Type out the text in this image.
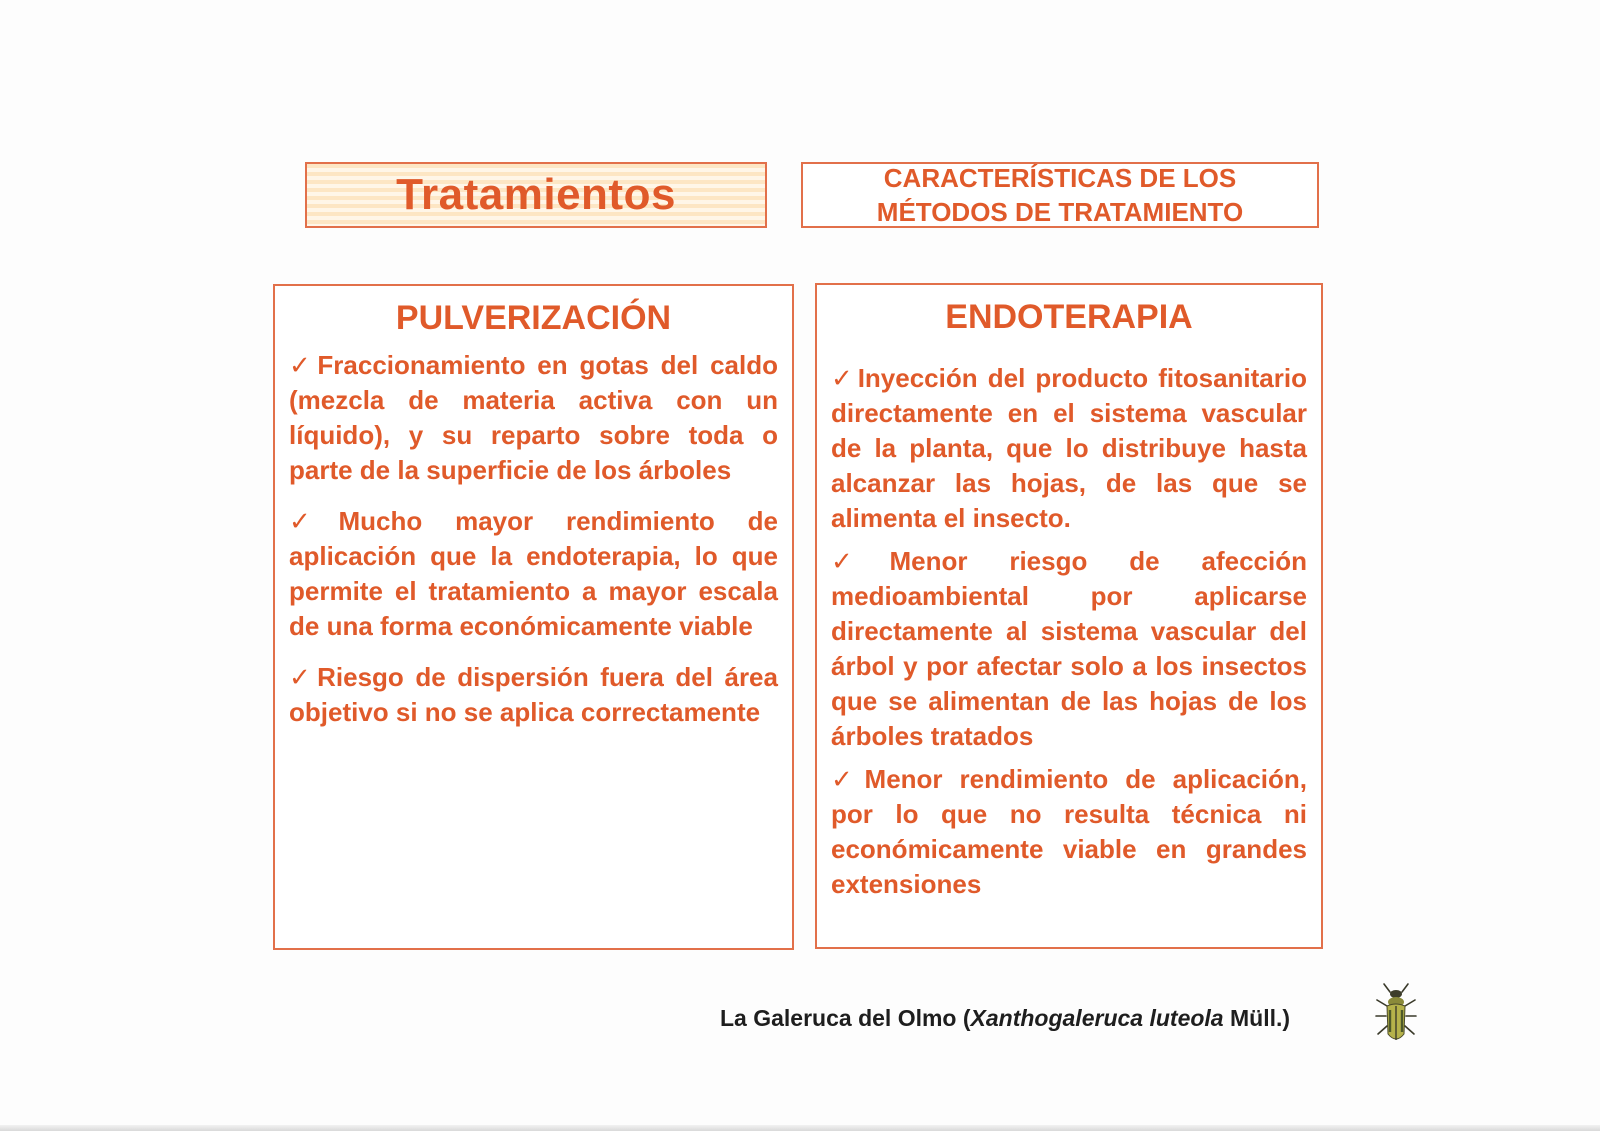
Tratamientos	CARACTERÍSTICAS DE LOS
MÉTODOS DE TRATAMIENTO
PULVERIZACIÓN

✓Fraccionamiento en gotas del caldo (mezcla de materia activa con un líquido), y su reparto sobre toda o parte de la superficie de los árboles

✓Mucho mayor rendimiento de aplicación que la endoterapia, lo que permite el tratamiento a mayor escala de una forma económicamente viable

✓Riesgo de dispersión fuera del área objetivo si no se aplica correctamente

ENDOTERAPIA

✓Inyección del producto fitosanitario directamente en el sistema vascular de la planta, que lo distribuye hasta alcanzar las hojas, de las que se alimenta el insecto.

✓Menor riesgo de afección medioambiental por aplicarse directamente al sistema vascular del árbol y por afectar solo a los insectos que se alimentan de las hojas de los árboles tratados

✓Menor rendimiento de aplicación, por lo que no resulta técnica ni económicamente viable en grandes extensiones

La Galeruca del Olmo (Xanthogaleruca luteola Müll.)
